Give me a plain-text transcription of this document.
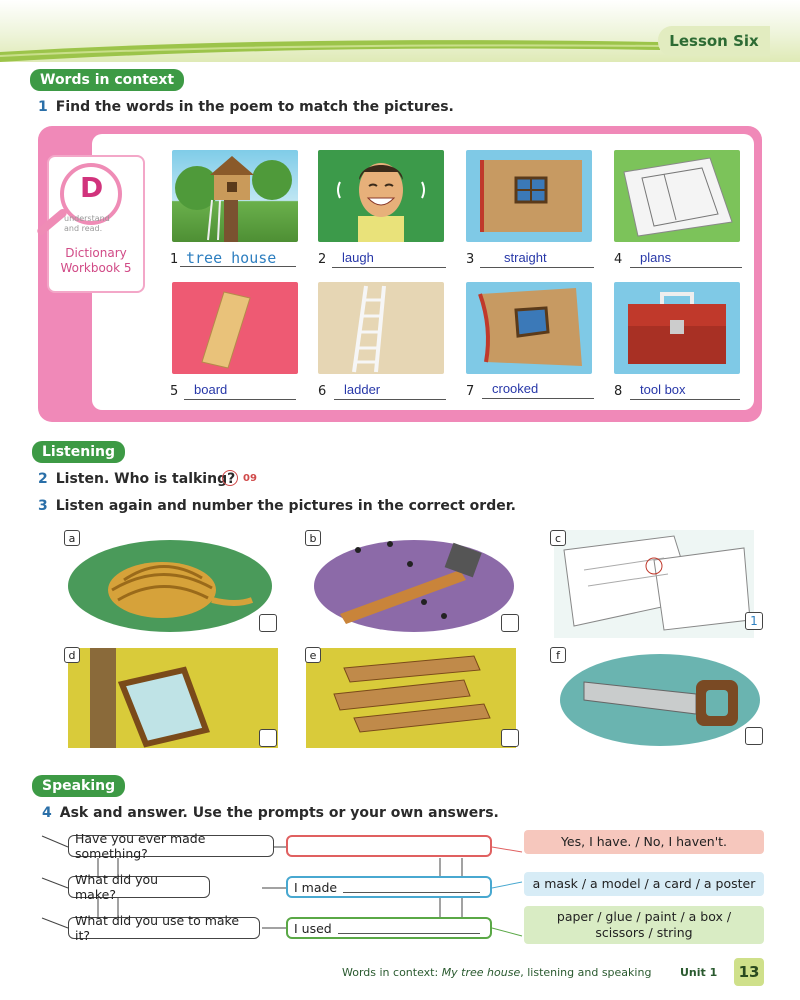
Lesson Six
Words in context
1 Find the words in the poem to match the pictures.
D
understand and read.
Dictionary
Workbook 5
1 tree house	2	laugh	3	straight	4	plans
5	board	6	ladder	7	crooked	8	tool box
Listening
2 Listen. Who is talking? 09
3 Listen again and number the pictures in the correct order.
a	b	c
1
d	e	f
Speaking
4 Ask and answer. Use the prompts or your own answers.
Have you ever made something?
What did you make?
What did you use to make it?
I made
I used
Yes, I have. / No, I haven't.
a mask / a model / a card / a poster
paper / glue / paint / a box / scissors / string
Words in context: My tree house, listening and speaking	Unit 1	13
